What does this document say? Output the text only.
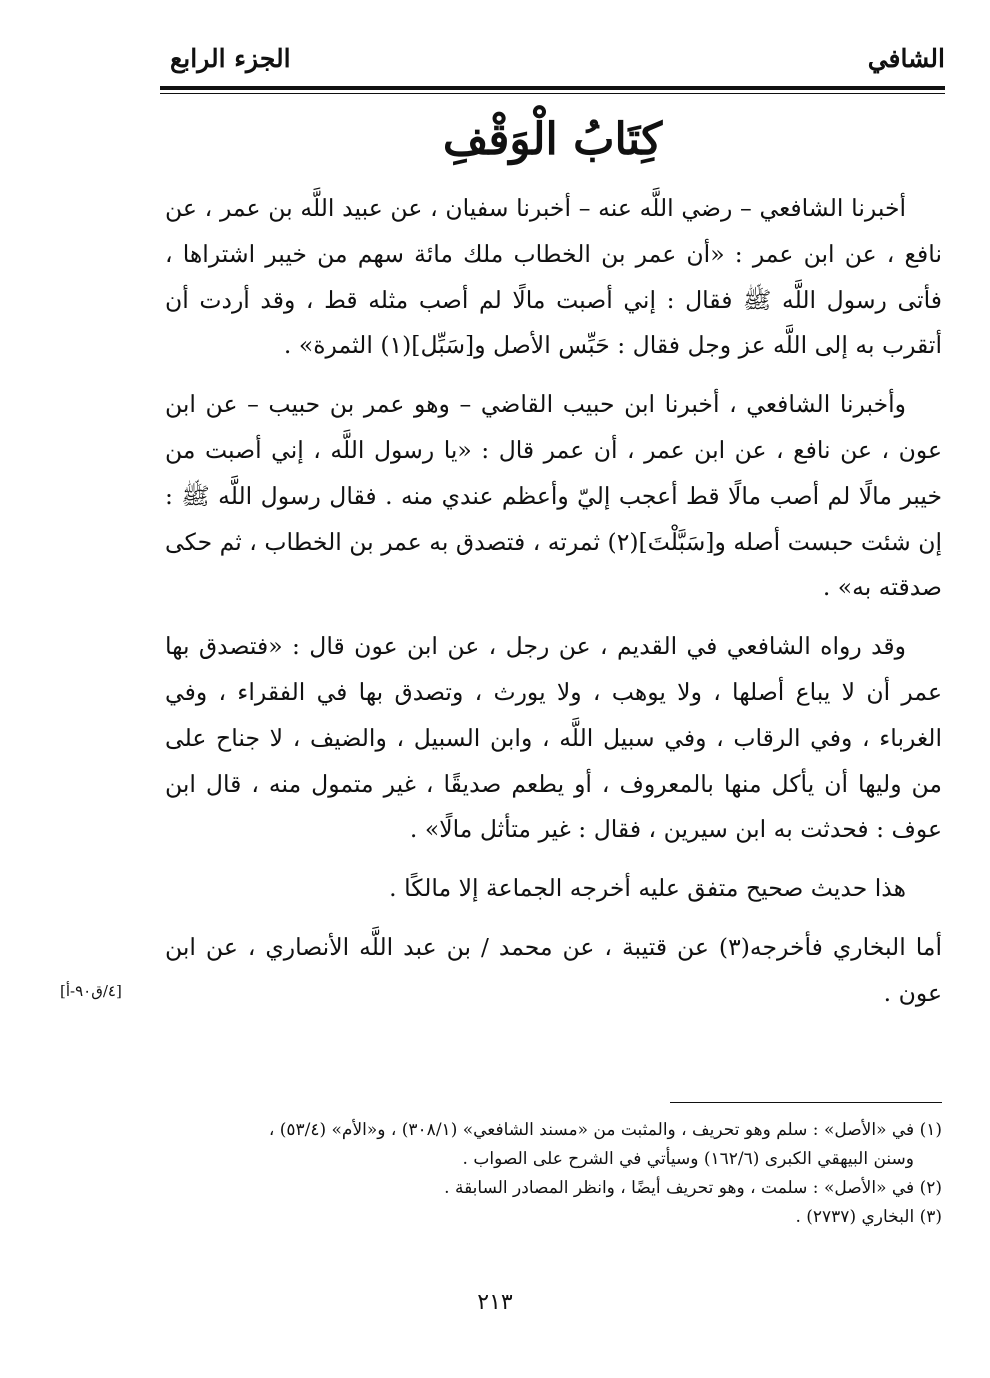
الشافي
الجزء الرابع
كِتَابُ الْوَقْفِ

أخبرنا الشافعي – رضي اللَّه عنه – أخبرنا سفيان ، عن عبيد اللَّه بن عمر ، عن نافع ، عن ابن عمر : «أن عمر بن الخطاب ملك مائة سهم من خيبر اشتراها ، فأتى رسول اللَّه ﷺ فقال : إني أصبت مالًا لم أصب مثله قط ، وقد أردت أن أتقرب به إلى اللَّه عز وجل فقال : حَبِّس الأصل و[سَبِّل](١) الثمرة» .

وأخبرنا الشافعي ، أخبرنا ابن حبيب القاضي – وهو عمر بن حبيب – عن ابن عون ، عن نافع ، عن ابن عمر ، أن عمر قال : «يا رسول اللَّه ، إني أصبت من خيبر مالًا لم أصب مالًا قط أعجب إليّ وأعظم عندي منه . فقال رسول اللَّه ﷺ : إن شئت حبست أصله و[سَبَّلْتَ](٢) ثمرته ، فتصدق به عمر بن الخطاب ، ثم حكى صدقته به» .

وقد رواه الشافعي في القديم ، عن رجل ، عن ابن عون قال : «فتصدق بها عمر أن لا يباع أصلها ، ولا يوهب ، ولا يورث ، وتصدق بها في الفقراء ، وفي الغرباء ، وفي الرقاب ، وفي سبيل اللَّه ، وابن السبيل ، والضيف ، لا جناح على من وليها أن يأكل منها بالمعروف ، أو يطعم صديقًا ، غير متمول منه ، قال ابن عوف : فحدثت به ابن سيرين ، فقال : غير متأثل مالًا» .

هذا حديث صحيح متفق عليه أخرجه الجماعة إلا مالكًا .

أما البخاري فأخرجه(٣) عن قتيبة ، عن محمد / بن عبد اللَّه الأنصاري ، عن ابن عون .

[٤/ق٩٠-أ]

(١) في «الأصل» : سلم وهو تحريف ، والمثبت من «مسند الشافعي» (٣٠٨/١) ، و«الأم» (٥٣/٤) ،

وسنن البيهقي الكبرى (١٦٢/٦) وسيأتي في الشرح على الصواب .

(٢) في «الأصل» : سلمت ، وهو تحريف أيضًا ، وانظر المصادر السابقة .

(٣) البخاري (٢٧٣٧) .

٢١٣
